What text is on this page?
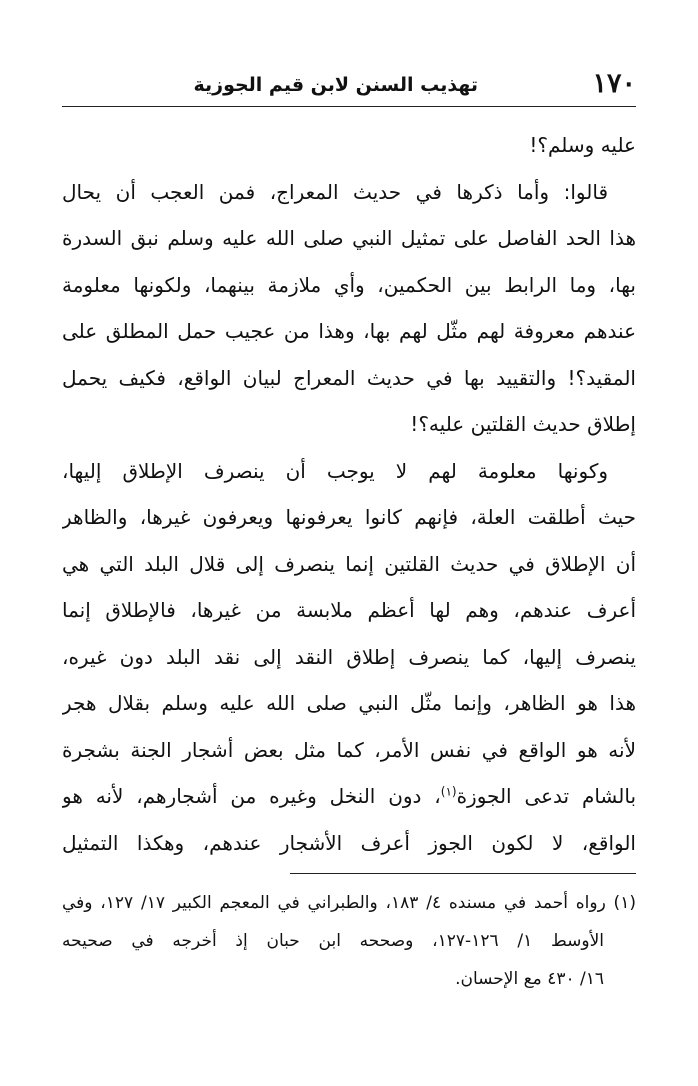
١٧٠
تهذيب السنن لابن قيم الجوزية
عليه وسلم؟!
قالوا: وأما ذكرها في حديث المعراج، فمن العجب أن يحال
هذا الحد الفاصل على تمثيل النبي صلى الله عليه وسلم نبق السدرة
بها، وما الرابط بين الحكمين، وأي ملازمة بينهما، ولكونها معلومة
عندهم معروفة لهم مثّل لهم بها، وهذا من عجيب حمل المطلق على
المقيد؟! والتقييد بها في حديث المعراج لبيان الواقع، فكيف يحمل
إطلاق حديث القلتين عليه؟!
وكونها معلومة لهم لا يوجب أن ينصرف الإطلاق إليها،
حيث أطلقت العلة، فإنهم كانوا يعرفونها ويعرفون غيرها، والظاهر
أن الإطلاق في حديث القلتين إنما ينصرف إلى قلال البلد التي هي
أعرف عندهم، وهم لها أعظم ملابسة من غيرها، فالإطلاق إنما
ينصرف إليها، كما ينصرف إطلاق النقد إلى نقد البلد دون غيره،
هذا هو الظاهر، وإنما مثّل النبي صلى الله عليه وسلم بقلال هجر
لأنه هو الواقع في نفس الأمر، كما مثل بعض أشجار الجنة بشجرة
بالشام تدعى الجوزة$^{(١)}$، دون النخل وغيره من أشجارهم، لأنه هو
الواقع، لا لكون الجوز أعرف الأشجار عندهم، وهكذا التمثيل
(١) رواه أحمد في مسنده ٤/ ١٨٣، والطبراني في المعجم الكبير ١٧/ ١٢٧، وفي
الأوسط ١/ ١٢٦-١٢٧، وصححه ابن حبان إذ أخرجه في صحيحه
١٦/ ٤٣٠ مع الإحسان.
